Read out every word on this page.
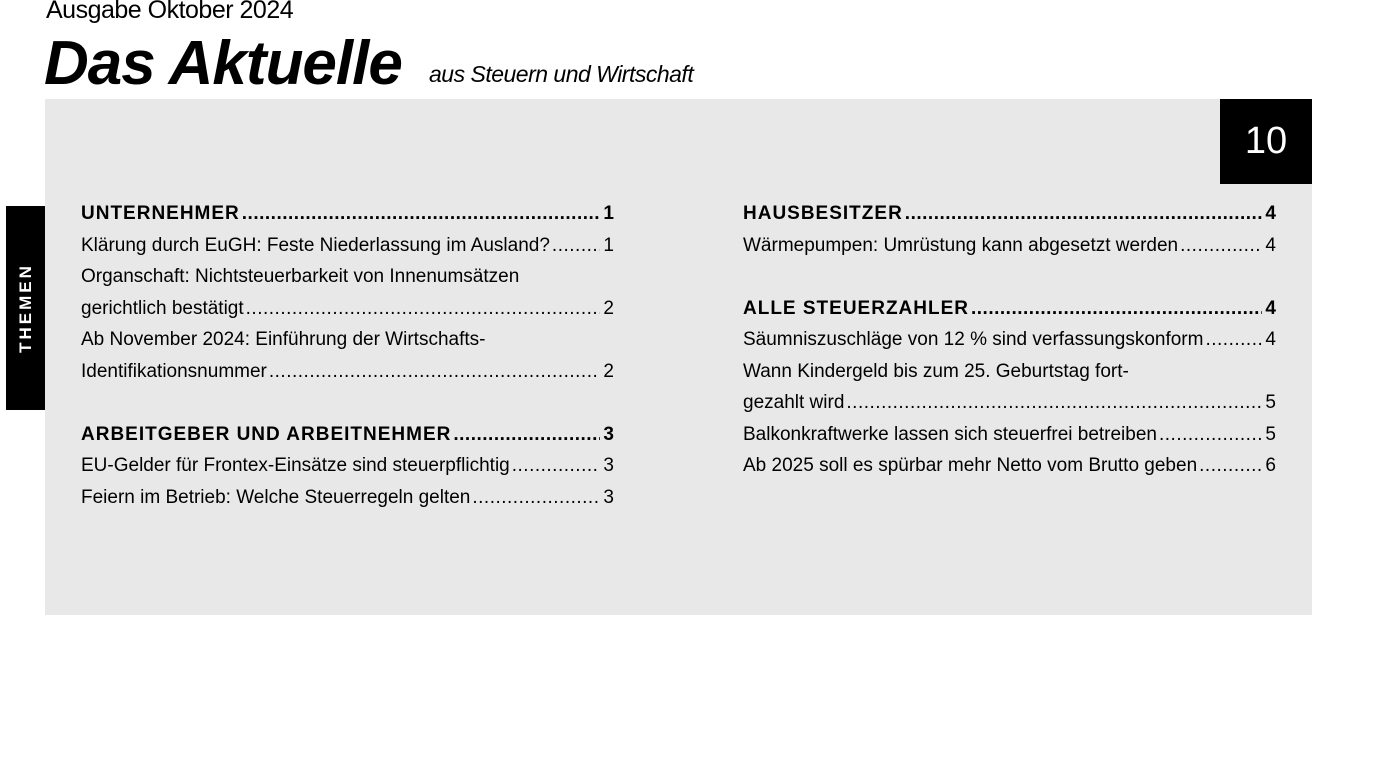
Ausgabe Oktober 2024
Das Aktuelle aus Steuern und Wirtschaft
10
THEMEN
UNTERNEHMER .....	1
Klärung durch EuGH: Feste Niederlassung im Ausland? .....	1
Organschaft: Nichtsteuerbarkeit von Innenumsätzen
gerichtlich bestätigt .....	2
Ab November 2024: Einführung der Wirtschafts-
Identifikationsnummer .....	2
ARBEITGEBER UND ARBEITNEHMER .....	3
EU-Gelder für Frontex-Einsätze sind steuerpflichtig .....	3
Feiern im Betrieb: Welche Steuerregeln gelten .....	3
HAUSBESITZER .....	4
Wärmepumpen: Umrüstung kann abgesetzt werden .....	4
ALLE STEUERZAHLER .....	4
Säumniszuschläge von 12 % sind verfassungskonform .....	4
Wann Kindergeld bis zum 25. Geburtstag fort-
gezahlt wird .....	5
Balkonkraftwerke lassen sich steuerfrei betreiben .....	5
Ab 2025 soll es spürbar mehr Netto vom Brutto geben .....	6
